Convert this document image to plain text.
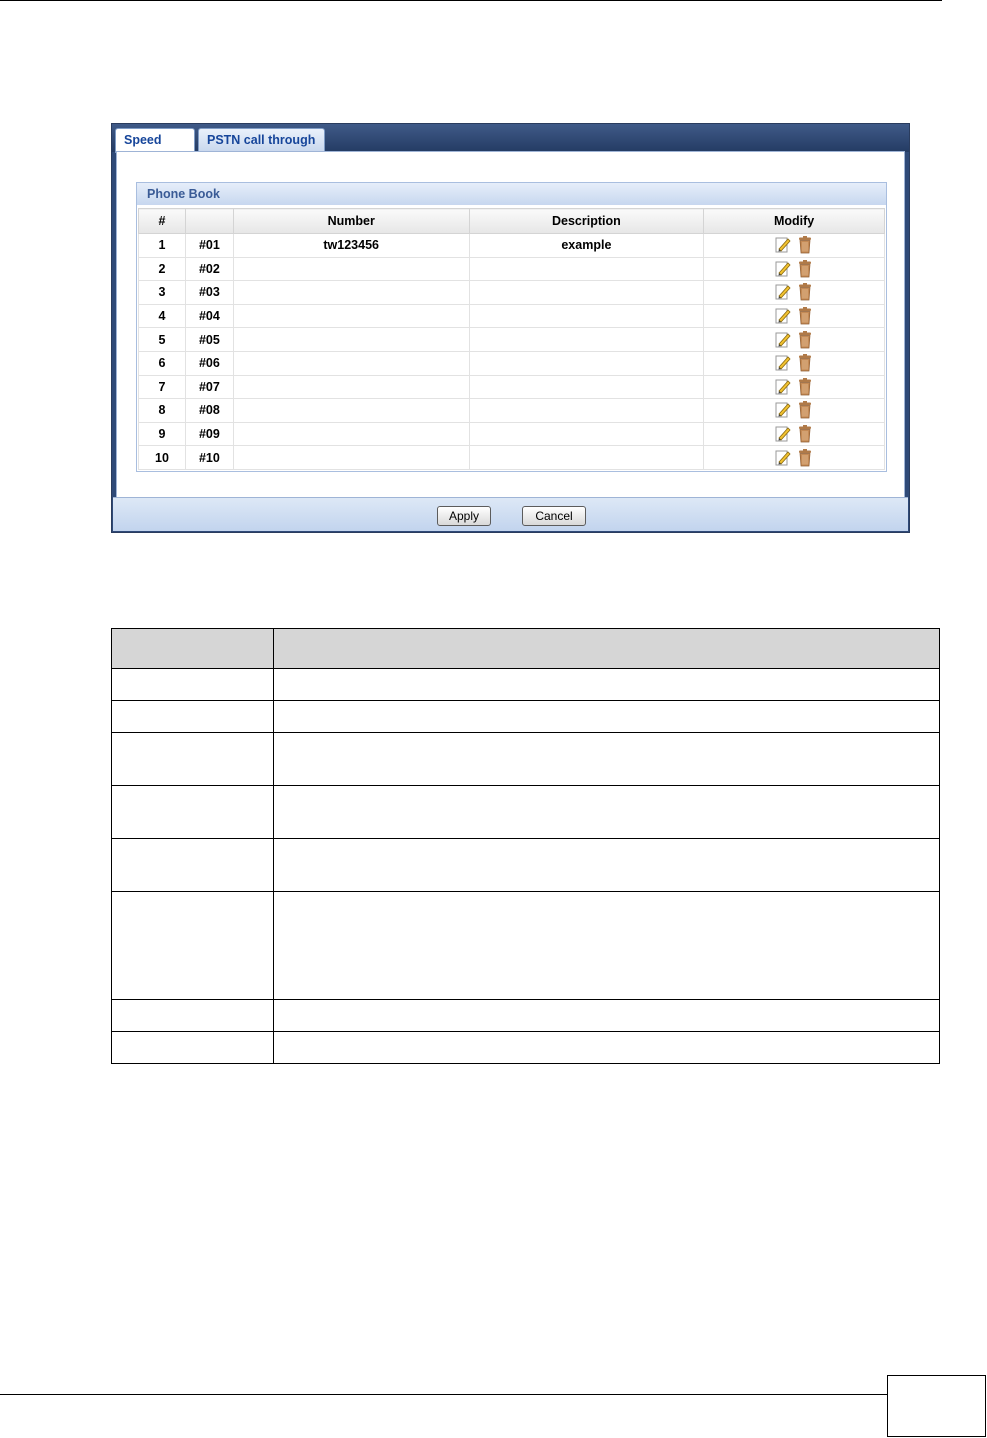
Speed	PSTN call through
Phone Book
#		Number	Description	Modify
1	#01	tw123456	example	
2	#02			
3	#03			
4	#04			
5	#05			
6	#06			
7	#07			
8	#08			
9	#09			
10	#10			
Apply	Cancel
